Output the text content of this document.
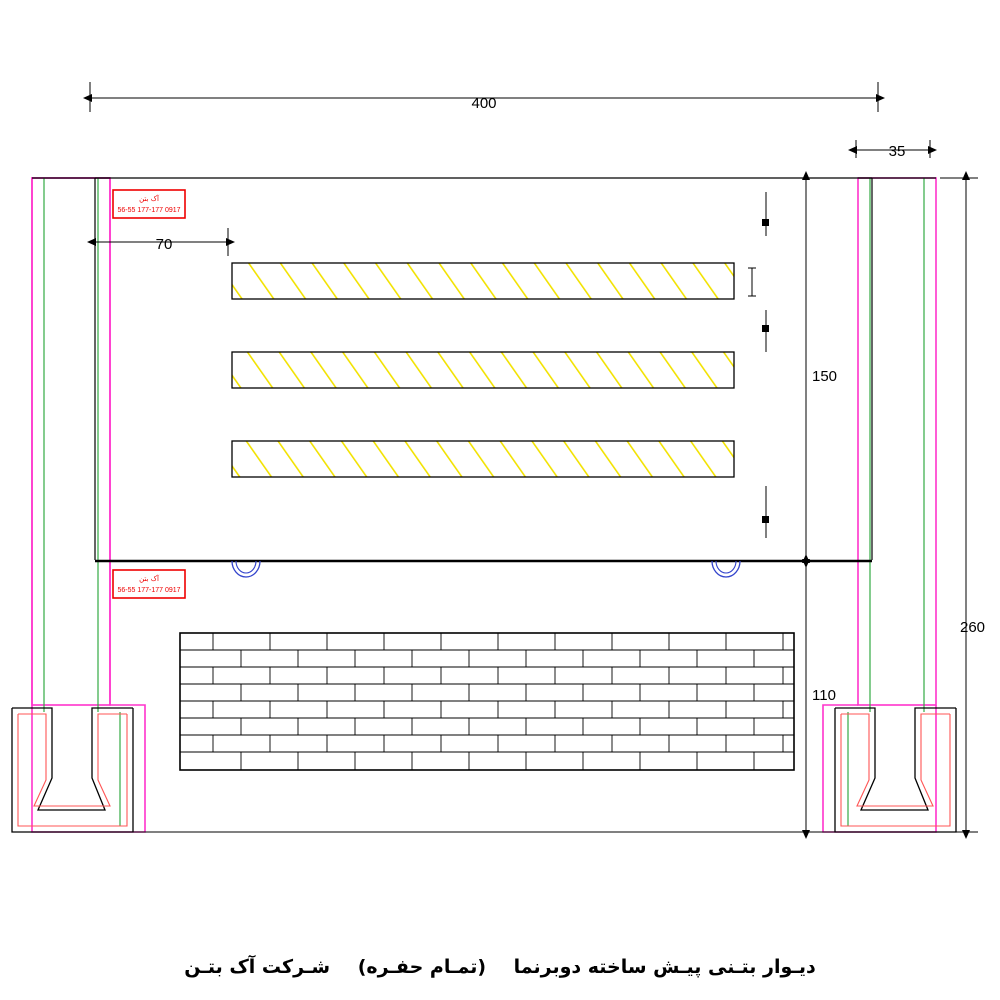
400
35
70
150
110
260
آک بتن
56-55 177-177 0917
آک بتن
56-55 177-177 0917
دیـوار بتـنی پیـش ساخته دوبرنما (تمـام حفـره) شـرکت آک بتـن
